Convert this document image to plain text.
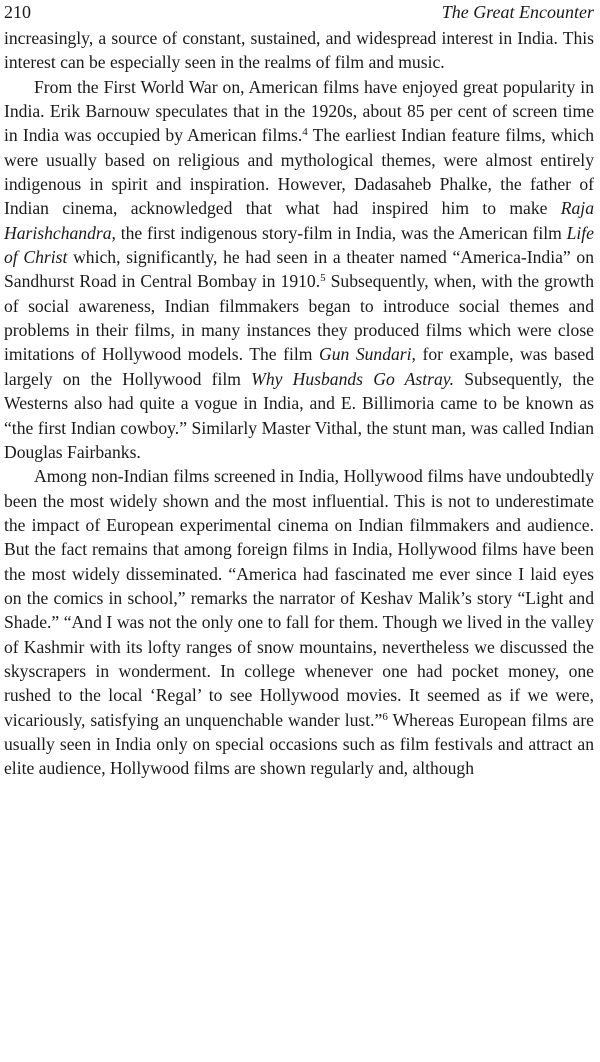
210	The Great Encounter

increasingly, a source of constant, sustained, and widespread interest in India. This interest can be especially seen in the realms of film and music.

From the First World War on, American films have enjoyed great popularity in India. Erik Barnouw speculates that in the 1920s, about 85 per cent of screen time in India was occupied by American films.$^4$ The earliest Indian feature films, which were usually based on religious and mythological themes, were almost entirely indigenous in spirit and inspiration. However, Dadasaheb Phalke, the father of Indian cinema, acknowledged that what had inspired him to make Raja Harishchandra, the first indigenous story-film in India, was the American film Life of Christ which, significantly, he had seen in a theater named “America-India” on Sandhurst Road in Central Bombay in 1910.$^5$ Subsequently, when, with the growth of social awareness, Indian filmmakers began to introduce social themes and problems in their films, in many instances they produced films which were close imitations of Hollywood models. The film Gun Sundari, for example, was based largely on the Hollywood film Why Husbands Go Astray. Subsequently, the Westerns also had quite a vogue in India, and E. Billimoria came to be known as “the first Indian cowboy.” Similarly Master Vithal, the stunt man, was called Indian Douglas Fairbanks.

Among non-Indian films screened in India, Hollywood films have undoubtedly been the most widely shown and the most influential. This is not to underestimate the impact of European experimental cinema on Indian filmmakers and audience. But the fact remains that among foreign films in India, Hollywood films have been the most widely disseminated. “America had fascinated me ever since I laid eyes on the comics in school,” remarks the narrator of Keshav Malik’s story “Light and Shade.” “And I was not the only one to fall for them. Though we lived in the valley of Kashmir with its lofty ranges of snow mountains, nevertheless we discussed the skyscrapers in wonderment. In college whenever one had pocket money, one rushed to the local ‘Regal’ to see Hollywood movies. It seemed as if we were, vicariously, satisfying an unquenchable wander lust.”$^6$ Whereas European films are usually seen in India only on special occasions such as film festivals and attract an elite audience, Hollywood films are shown regularly and, although
